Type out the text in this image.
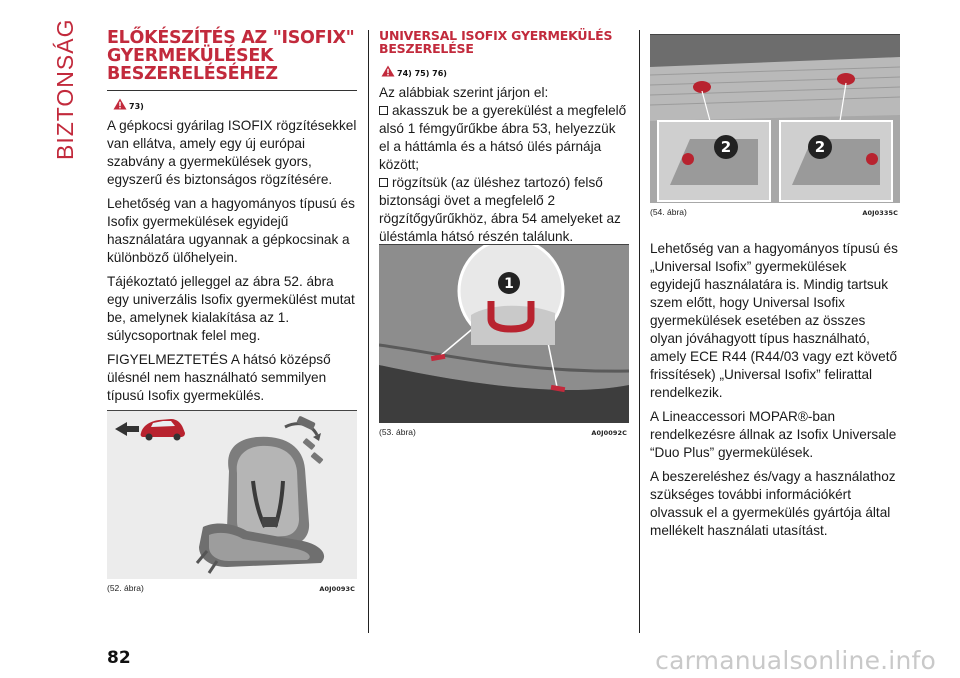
BIZTONSÁG ELŐKÉSZÍTÉS AZ "ISOFIX"
GYERMEKÜLÉSEK
BESZERELÉSÉHEZ
73)

A gépkocsi gyárilag ISOFIX rögzítésekkel van ellátva, amely egy új európai szabvány a gyermekülések gyors, egyszerű és biztonságos rögzítésére.

Lehetőség van a hagyományos típusú és Isofix gyermekülések egyidejű használatára ugyannak a gépkocsinak a különböző ülőhelyein.

Tájékoztató jelleggel az ábra 52. ábra egy univerzális Isofix gyermekülést mutat be, amelynek kialakítása az 1. súlycsoportnak felel meg.

FIGYELMEZTETÉS A hátsó középső ülésnél nem használható semmilyen típusú Isofix gyermekülés.

(52. ábra)	A0J0093C
UNIVERSAL ISOFIX GYERMEKÜLÉS
BESZERELÉSE
74) 75) 76)

Az alábbiak szerint járjon el:

akasszuk be a gyerekülést a megfelelő alsó 1 fémgyűrűkbe ábra 53, helyezzük el a háttámla és a hátsó ülés párnája között;

rögzítsük (az üléshez tartozó) felső biztonsági övet a megfelelő 2 rögzítőgyűrűkhöz, ábra 54 amelyeket az üléstámla hátsó részén találunk.

1
(53. ábra)	A0J0092C
2	2
(54. ábra)	A0J0335C

Lehetőség van a hagyományos típusú és „Universal Isofix” gyermekülések egyidejű használatára is. Mindig tartsuk szem előtt, hogy Universal Isofix gyermekülések esetében az összes olyan jóváhagyott típus használható, amely ECE R44 (R44/03 vagy ezt követő frissítések) „Universal Isofix” felirattal rendelkezik.

A Lineaccessori MOPAR®-ban rendelkezésre állnak az Isofix Universale “Duo Plus” gyermekülések.

A beszereléshez és/vagy a használathoz szükséges további információkért olvassuk el a gyermekülés gyártója által mellékelt használati utasítást.

82	carmanualsonline.info
